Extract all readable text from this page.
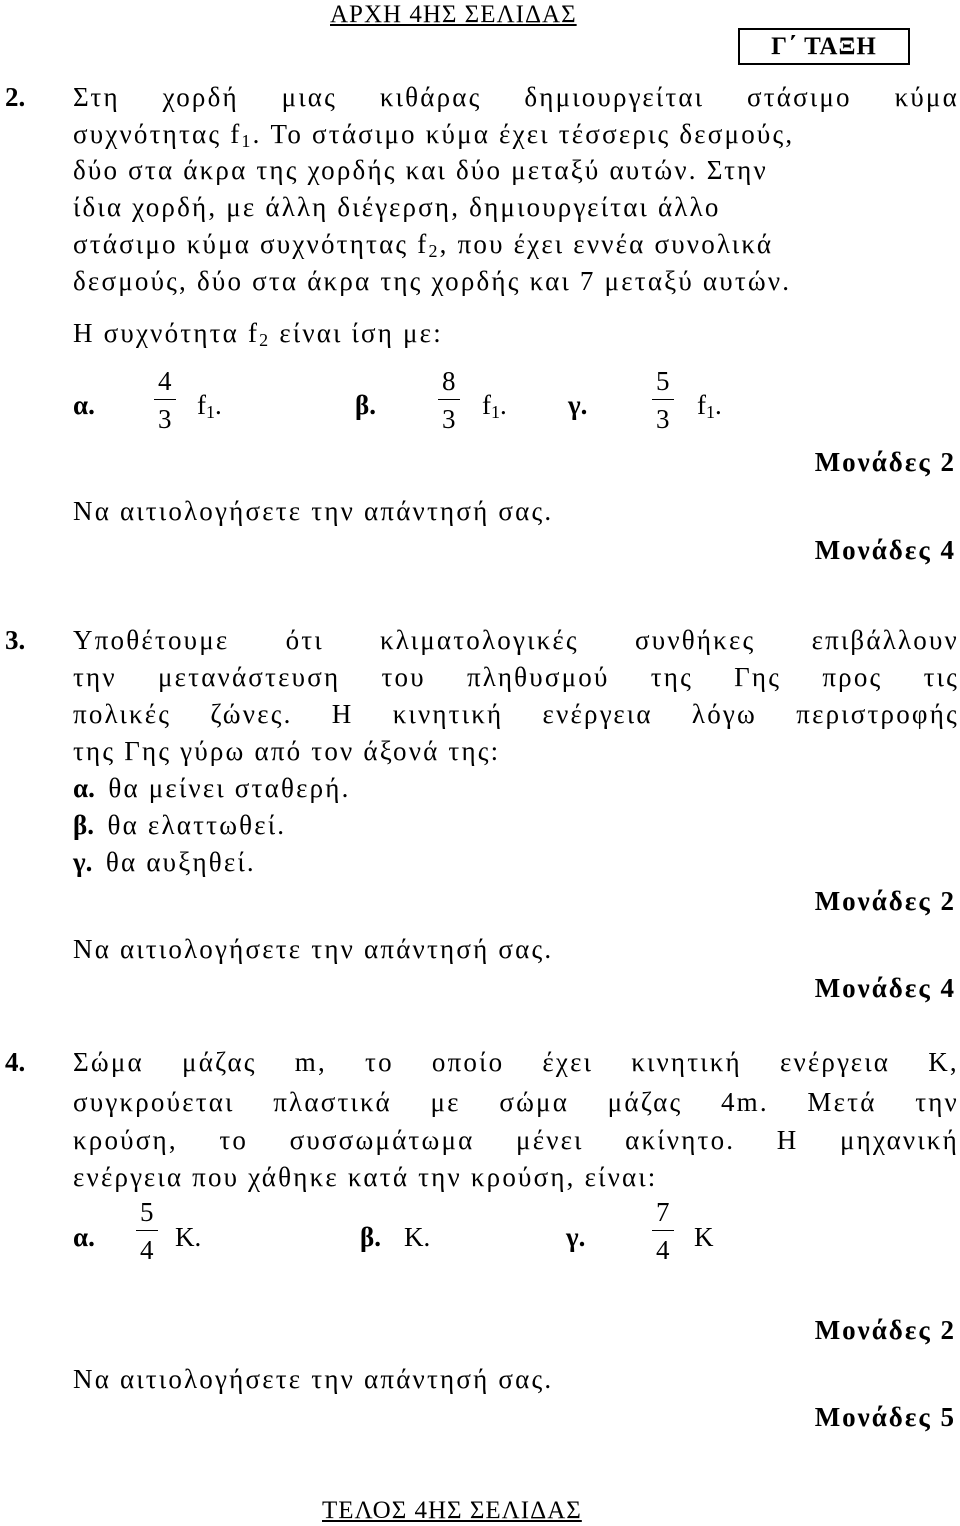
ΑΡΧΗ 4ΗΣ ΣΕΛΙΔΑΣ
Γ΄ ΤΑΞΗ
2. Στη χορδή μιας κιθάρας δημιουργείται στάσιμο κύμα
συχνότητας $f_1$. Το στάσιμο κύμα έχει τέσσερις δεσμούς,
δύο στα άκρα της χορδής και δύο μεταξύ αυτών. Στην
ίδια χορδή, με άλλη διέγερση, δημιουργείται άλλο
στάσιμο κύμα συχνότητας $f_2$, που έχει εννέα συνολικά
δεσμούς, δύο στα άκρα της χορδής και 7 μεταξύ αυτών.
Η συχνότητα $f_2$ είναι ίση με:
α. $\frac{4}{3} f_1$.	β. $\frac{8}{3} f_1$. γ. $\frac{5}{3} f_1$.
Μονάδες 2
Να αιτιολογήσετε την απάντησή σας.
Μονάδες 4
3. Υποθέτουμε ότι κλιματολογικές συνθήκες επιβάλλουν
την μετανάστευση του πληθυσμού της Γης προς τις
πολικές ζώνες. Η κινητική ενέργεια λόγω περιστροφής
της Γης γύρω από τον άξονά της:
α. θα μείνει σταθερή.
β. θα ελαττωθεί.
γ. θα αυξηθεί.
Μονάδες 2
Να αιτιολογήσετε την απάντησή σας.
Μονάδες 4
4. Σώμα μάζας m, το οποίο έχει κινητική ενέργεια Κ,
συγκρούεται πλαστικά με σώμα μάζας 4m. Μετά την
κρούση, το συσσωμάτωμα μένει ακίνητο. Η μηχανική
ενέργεια που χάθηκε κατά την κρούση, είναι:
α. $\frac{5}{4} K$.	β. Κ.	γ. $\frac{7}{4}$ Κ
Μονάδες 2
Να αιτιολογήσετε την απάντησή σας.
Μονάδες 5
ΤΕΛΟΣ 4ΗΣ ΣΕΛΙΔΑΣ
